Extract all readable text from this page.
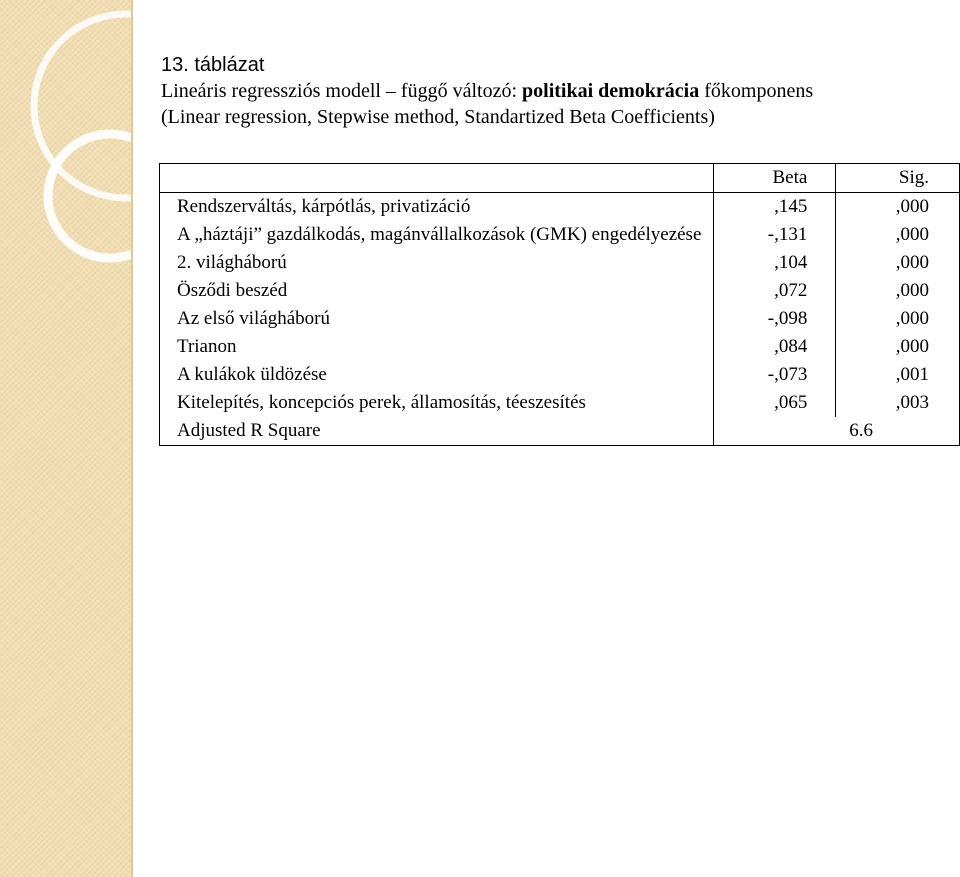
13. táblázat
Lineáris regressziós modell – függő változó: politikai demokrácia főkomponens
(Linear regression, Stepwise method, Standartized Beta Coefficients)
	Beta	Sig.
Rendszerváltás, kárpótlás, privatizáció	,145	,000
A „háztáji” gazdálkodás, magánvállalkozások (GMK) engedélyezése	-,131	,000
2. világháború	,104	,000
Ösződi beszéd	,072	,000
Az első világháború	-,098	,000
Trianon	,084	,000
A kulákok üldözése	-,073	,001
Kitelepítés, koncepciós perek, államosítás, téeszesítés	,065	,003
Adjusted R Square	6.6	
